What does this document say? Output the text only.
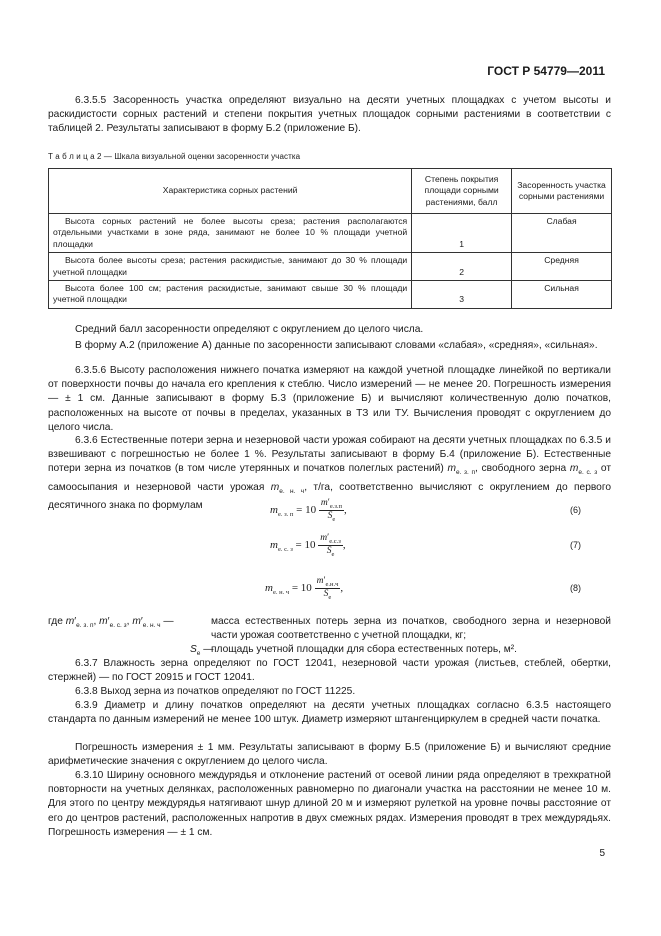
ГОСТ Р 54779—2011

6.3.5.5 Засоренность участка определяют визуально на десяти учетных площадках с учетом высоты и раскидистости сорных растений и степени покрытия учетных площадок сорными растениями в соответствии с таблицей 2. Результаты записывают в форму Б.2 (приложение Б).

Т а б л и ц а 2 — Шкала визуальной оценки засоренности участка
Характеристика сорных растений	Степень покрытия площади сорными растениями, балл	Засоренность участка сорными растениями

Высота сорных растений не более высоты среза; растения располагаются отдельными участками в зоне ряда, занимают не более 10 % площади учетной площадки	1	Слабая

Высота более высоты среза; растения раскидистые, занимают до 30 % площади учетной площадки	2	Средняя

Высота более 100 см; растения раскидистые, занимают свыше 30 % площади учетной площадки	3	Сильная

Средний балл засоренности определяют с округлением до целого числа.

В форму А.2 (приложение А) данные по засоренности записывают словами «слабая», «средняя», «сильная».

6.3.5.6 Высоту расположения нижнего початка измеряют на каждой учетной площадке линейкой по вертикали от поверхности почвы до начала его крепления к стеблю. Число измерений — не менее 20. Погрешность измерения — ± 1 см. Данные записывают в форму Б.3 (приложение Б) и вычисляют количественную долю початков, расположенных на высоте от почвы в пределах, указанных в ТЗ или ТУ. Вычисления проводят с округлением до целого числа.

6.3.6 Естественные потери зерна и незерновой части урожая собирают на десяти учетных площадках по 6.3.5 и взвешивают с погрешностью не более 1 %. Результаты записывают в форму Б.4 (приложение Б). Естественные потери зерна из початков (в том числе утерянных и початков полеглых растений) $m_{е. з. п}$, свободного зерна $m_{е. с. з}$ от самоосыпания и незерновой части урожая $m_{е. н. ч}$, т/га, соответственно вычисляют с округлением до первого десятичного знака по формулам	$m_{е. з. п} = 10 \frac{m'_{е.з.п}}{S_е}$ ,	(6)
$m_{е. с. з} = 10 \frac{m'_{е.с.з}}{S_е}$ ,	(7)
$m_{е. н. ч} = 10 \frac{m'_{е.н.ч}}{S_е}$ ,	(8)
где $m'_{е. з. п}$, $m'_{е. с. з}$, $m'_{е. н. ч}$ —	масса естественных потерь зерна из початков, свободного зерна и незерновой части урожая соответственно с учетной площадки, кг;
$S_е$ —
площадь учетной площадки для сбора естественных потерь, м².

6.3.7 Влажность зерна определяют по ГОСТ 12041, незерновой части урожая (листьев, стеблей, обертки, стержней) — по ГОСТ 20915 и ГОСТ 12041.

6.3.8 Выход зерна из початков определяют по ГОСТ 11225.

6.3.9 Диаметр и длину початков определяют на десяти учетных площадках согласно 6.3.5 настоящего стандарта по данным измерений не менее 100 штук. Диаметр измеряют штангенциркулем в средней части початка.

Погрешность измерения ± 1 мм. Результаты записывают в форму Б.5 (приложение Б) и вычисляют средние арифметические значения с округлением до целого числа.

6.3.10 Ширину основного междурядья и отклонение растений от осевой линии ряда определяют в трехкратной повторности на учетных делянках, расположенных равномерно по диагонали участка на расстоянии не менее 10 м. Для этого по центру междурядья натягивают шнур длиной 20 м и измеряют рулеткой на уровне почвы расстояние от его до центров растений, расположенных напротив в двух смежных рядах. Измерения проводят в трех междурядьях. Погрешность измерения — ± 1 см.

5
